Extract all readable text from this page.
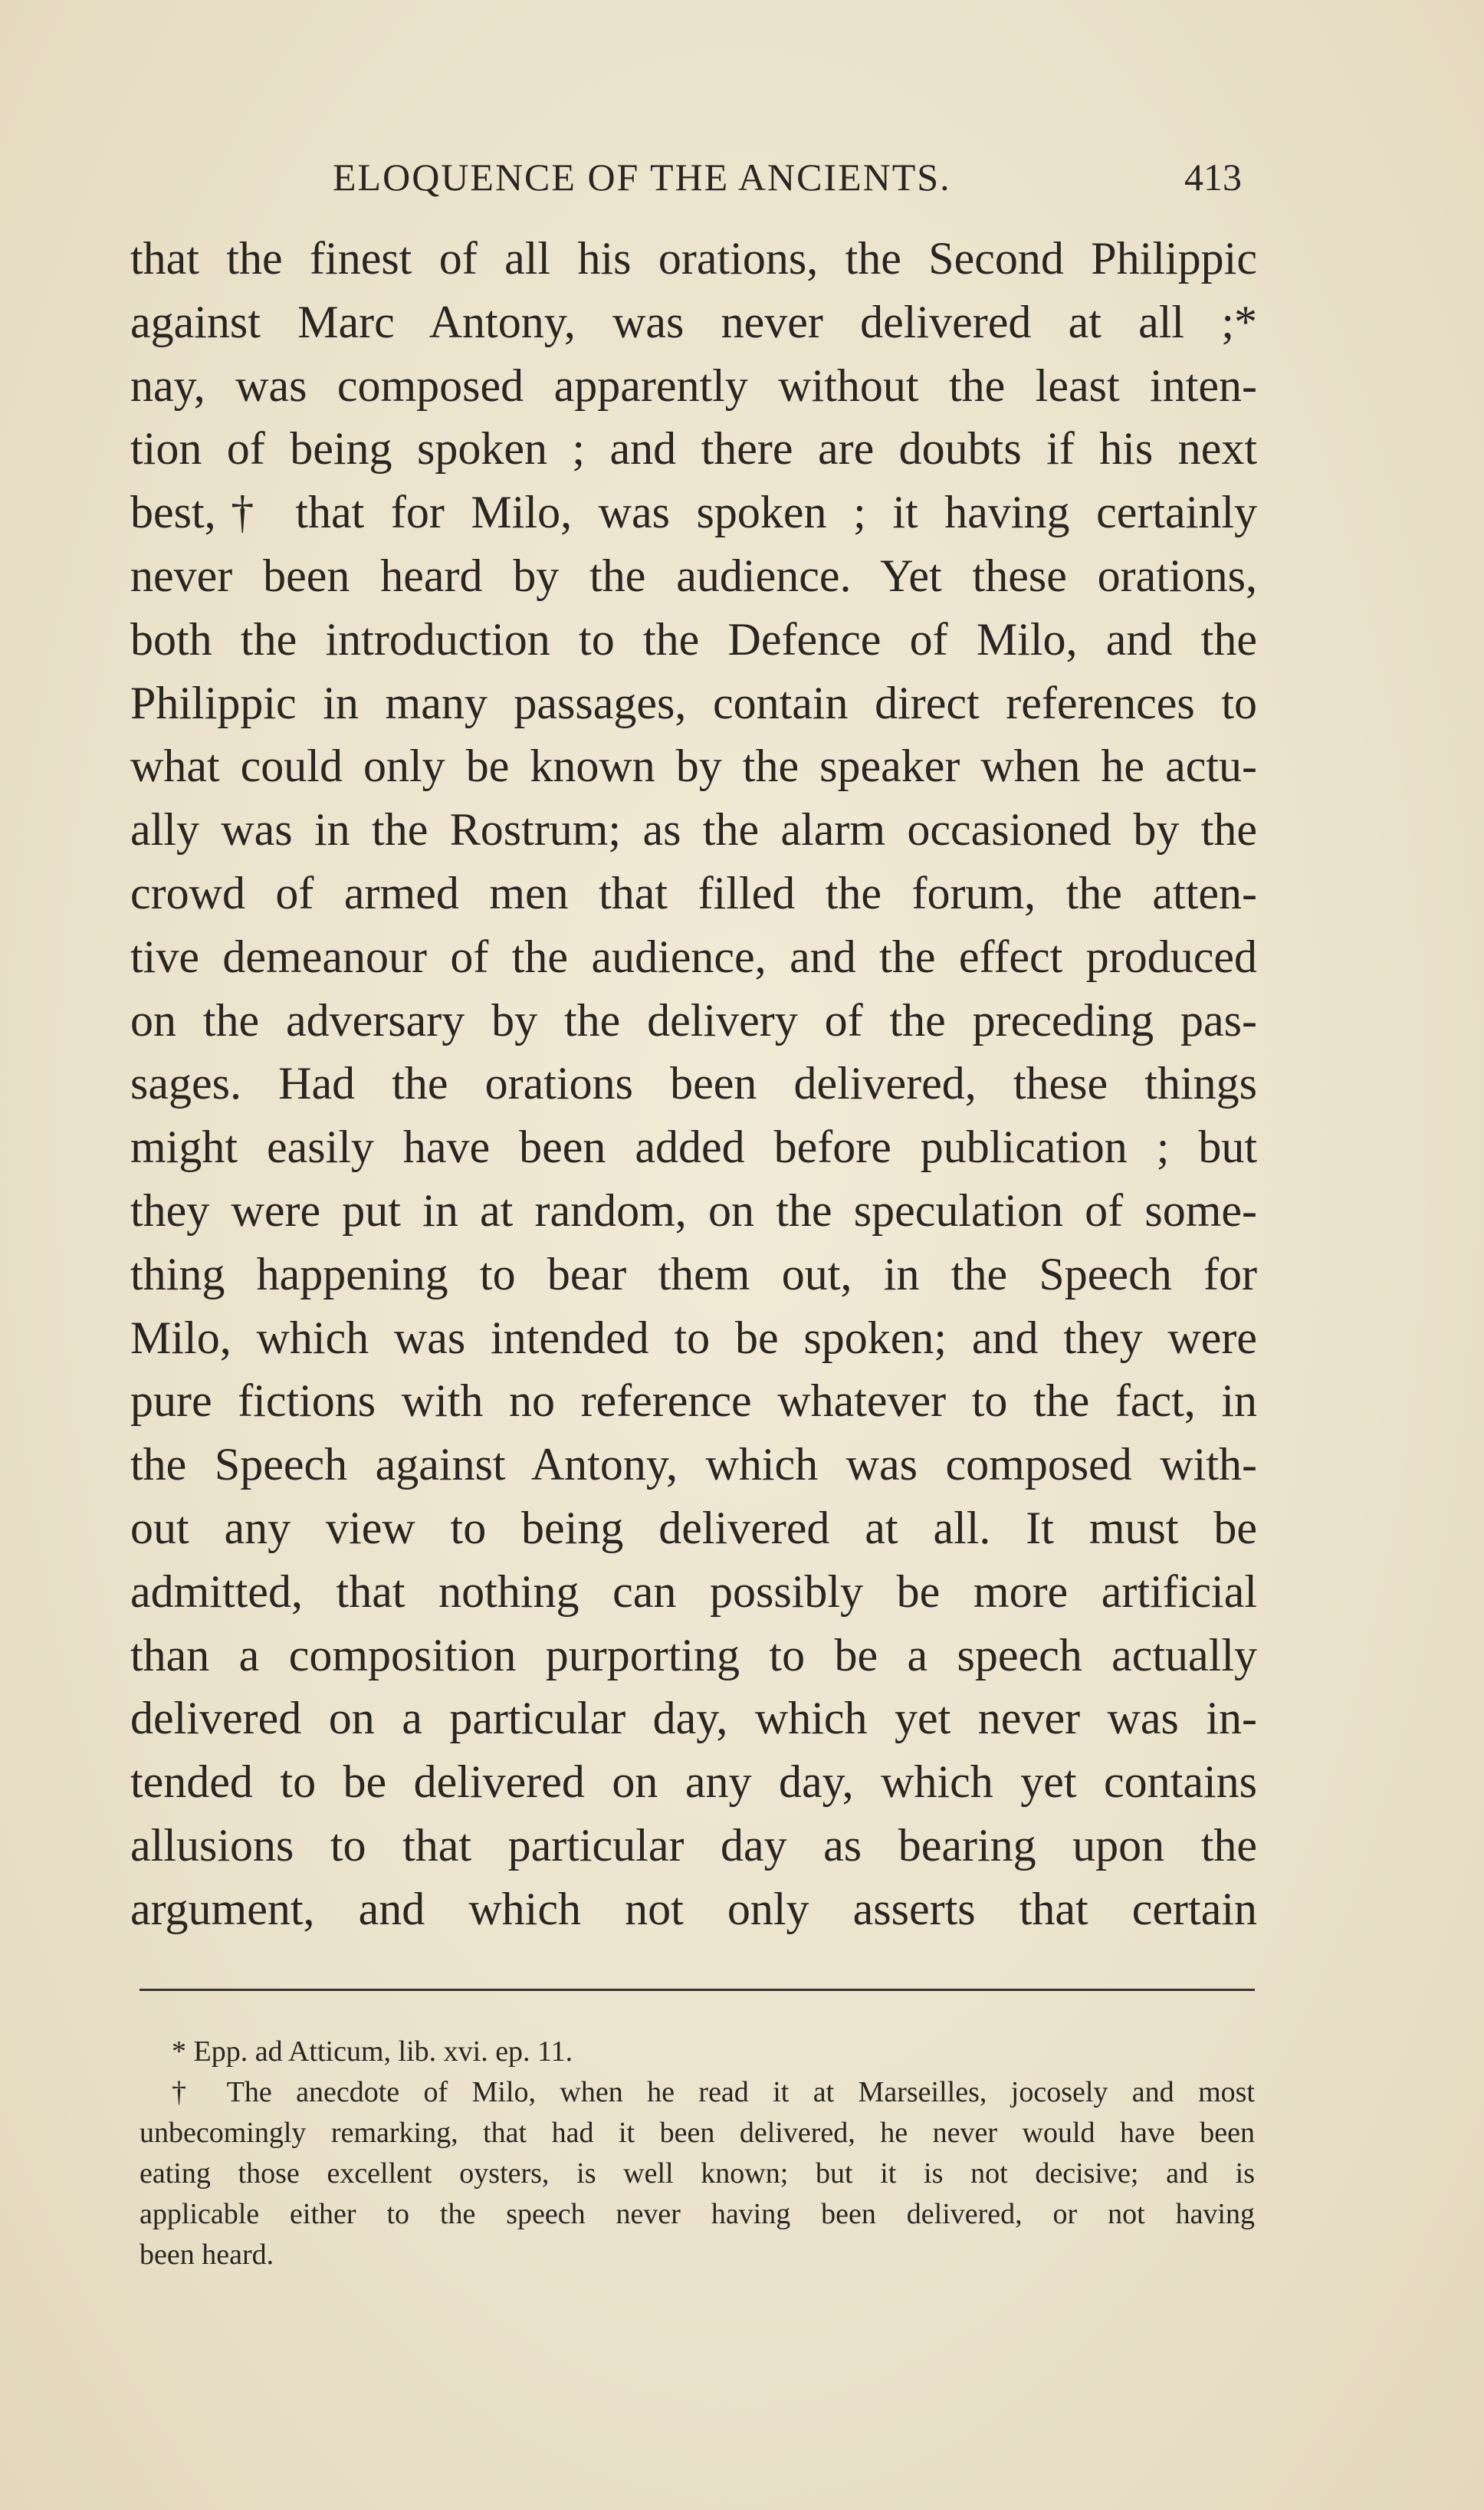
ELOQUENCE OF THE ANCIENTS.	413
that the finest of all his orations, the Second Philippic
against Marc Antony, was never delivered at all ;*
nay, was composed apparently without the least inten-
tion of being spoken ; and there are doubts if his next
best,† that for Milo, was spoken ; it having certainly
never been heard by the audience. Yet these orations,
both the introduction to the Defence of Milo, and the
Philippic in many passages, contain direct references to
what could only be known by the speaker when he actu-
ally was in the Rostrum; as the alarm occasioned by the
crowd of armed men that filled the forum, the atten-
tive demeanour of the audience, and the effect produced
on the adversary by the delivery of the preceding pas-
sages. Had the orations been delivered, these things
might easily have been added before publication ; but
they were put in at random, on the speculation of some-
thing happening to bear them out, in the Speech for
Milo, which was intended to be spoken; and they were
pure fictions with no reference whatever to the fact, in
the Speech against Antony, which was composed with-
out any view to being delivered at all. It must be
admitted, that nothing can possibly be more artificial
than a composition purporting to be a speech actually
delivered on a particular day, which yet never was in-
tended to be delivered on any day, which yet contains
allusions to that particular day as bearing upon the
argument, and which not only asserts that certain
* Epp. ad Atticum, lib. xvi. ep. 11.
† The anecdote of Milo, when he read it at Marseilles, jocosely and most
unbecomingly remarking, that had it been delivered, he never would have been
eating those excellent oysters, is well known; but it is not decisive; and is
applicable either to the speech never having been delivered, or not having
been heard.
